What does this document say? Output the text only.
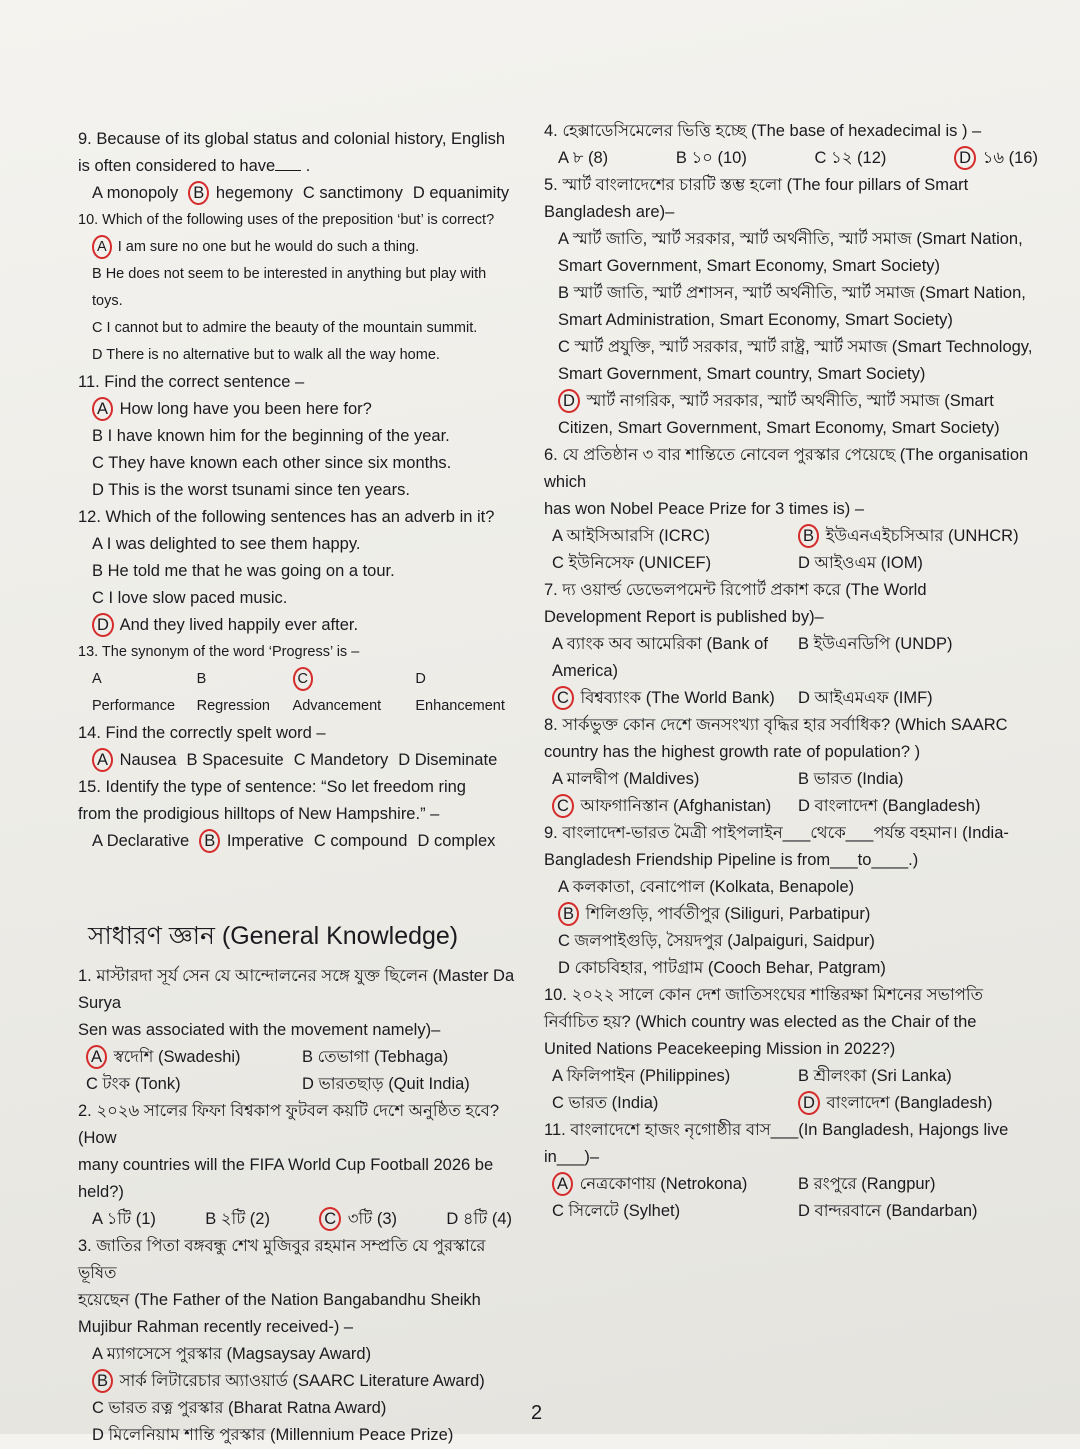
9. Because of its global status and colonial history, English

is often considered to have .

A monopoly B hegemony C sanctimony D equanimity

10. Which of the following uses of the preposition ‘but’ is correct?

A I am sure no one but he would do such a thing.
B He does not seem to be interested in anything but play with toys.
C I cannot but to admire the beauty of the mountain summit.
D There is no alternative but to walk all the way home.

11. Find the correct sentence –

A How long have you been here for?
B I have known him for the beginning of the year.
C They have known each other since six months.
D This is the worst tsunami since ten years.

12. Which of the following sentences has an adverb in it?

A I was delighted to see them happy.
B He told me that he was going on a tour.
C I love slow paced music.
D And they lived happily ever after.

13. The synonym of the word ‘Progress’ is –

A Performance
B Regression
C Advancement
D Enhancement

14. Find the correctly spelt word –

A Nausea B Spacesuite C Mandetory D Diseminate

15. Identify the type of sentence: “So let freedom ring

from the prodigious hilltops of New Hampshire.” –

A Declarative B Imperative C compound D complex
সাধারণ জ্ঞান (General Knowledge)

1. মাস্টারদা সূর্য সেন যে আন্দোলনের সঙ্গে যুক্ত ছিলেন (Master Da Surya

Sen was associated with the movement namely)–

A স্বদেশি (Swadeshi)	B তেভাগা (Tebhaga)
C টংক (Tonk)	D ভারতছাড় (Quit India)

2. ২০২৬ সালের ফিফা বিশ্বকাপ ফুটবল কয়টি দেশে অনুষ্ঠিত হবে? (How

many countries will the FIFA World Cup Football 2026 be held?)

A ১টি (1)	B ২টি (2)	C ৩টি (3)	D ৪টি (4)

3. জাতির পিতা বঙ্গবন্ধু শেখ মুজিবুর রহমান সম্প্রতি যে পুরস্কারে ভূষিত

হয়েছেন (The Father of the Nation Bangabandhu Sheikh

Mujibur Rahman recently received-) –

A ম্যাগসেসে পুরস্কার (Magsaysay Award)
B সার্ক লিটারেচার অ্যাওয়ার্ড (SAARC Literature Award)
C ভারত রত্ন পুরস্কার (Bharat Ratna Award)
D মিলেনিয়াম শান্তি পুরস্কার (Millennium Peace Prize)

4. হেক্সাডেসিমেলের ভিত্তি হচ্ছে (The base of hexadecimal is ) –

A ৮ (8)	B ১০ (10)	C ১২ (12)	D ১৬ (16)

5. স্মার্ট বাংলাদেশের চারটি স্তম্ভ হলো (The four pillars of Smart Bangladesh are)–

A স্মার্ট জাতি, স্মার্ট সরকার, স্মার্ট অর্থনীতি, স্মার্ট সমাজ (Smart Nation, Smart Government, Smart Economy, Smart Society)
B স্মার্ট জাতি, স্মার্ট প্রশাসন, স্মার্ট অর্থনীতি, স্মার্ট সমাজ (Smart Nation, Smart Administration, Smart Economy, Smart Society)
C স্মার্ট প্রযুক্তি, স্মার্ট সরকার, স্মার্ট রাষ্ট্র, স্মার্ট সমাজ (Smart Technology, Smart Government, Smart country, Smart Society)
D স্মার্ট নাগরিক, স্মার্ট সরকার, স্মার্ট অর্থনীতি, স্মার্ট সমাজ (Smart Citizen, Smart Government, Smart Economy, Smart Society)

6. যে প্রতিষ্ঠান ৩ বার শান্তিতে নোবেল পুরস্কার পেয়েছে (The organisation which

has won Nobel Peace Prize for 3 times is) –

A আইসিআরসি (ICRC)	B ইউএনএইচসিআর (UNHCR)
C ইউনিসেফ (UNICEF)	D আইওএম (IOM)

7. দ্য ওয়ার্ল্ড ডেভেলপমেন্ট রিপোর্ট প্রকাশ করে (The World

Development Report is published by)–

A ব্যাংক অব আমেরিকা (Bank of America)
B ইউএনডিপি (UNDP)
C বিশ্বব্যাংক (The World Bank)	D আইএমএফ (IMF)

8. সার্কভুক্ত কোন দেশে জনসংখ্যা বৃদ্ধির হার সর্বাধিক? (Which SAARC

country has the highest growth rate of population? )

A মালদ্বীপ (Maldives)	B ভারত (India)
C আফগানিস্তান (Afghanistan)	D বাংলাদেশ (Bangladesh)

9. বাংলাদেশ-ভারত মৈত্রী পাইপলাইন___থেকে___পর্যন্ত বহমান। (India-

Bangladesh Friendship Pipeline is from___to____.)

A কলকাতা, বেনাপোল (Kolkata, Benapole)
B শিলিগুড়ি, পার্বতীপুর (Siliguri, Parbatipur)
C জলপাইগুড়ি, সৈয়দপুর (Jalpaiguri, Saidpur)
D কোচবিহার, পাটগ্রাম (Cooch Behar, Patgram)

10. ২০২২ সালে কোন দেশ জাতিসংঘের শান্তিরক্ষা মিশনের সভাপতি

নির্বাচিত হয়? (Which country was elected as the Chair of the

United Nations Peacekeeping Mission in 2022?)

A ফিলিপাইন (Philippines)	B শ্রীলংকা (Sri Lanka)
C ভারত (India)	D বাংলাদেশ (Bangladesh)

11. বাংলাদেশে হাজং নৃগোষ্ঠীর বাস___(In Bangladesh, Hajongs live in___)–

A নেত্রকোণায় (Netrokona)	B রংপুরে (Rangpur)
C সিলেটে (Sylhet)	D বান্দরবানে (Bandarban)
2
